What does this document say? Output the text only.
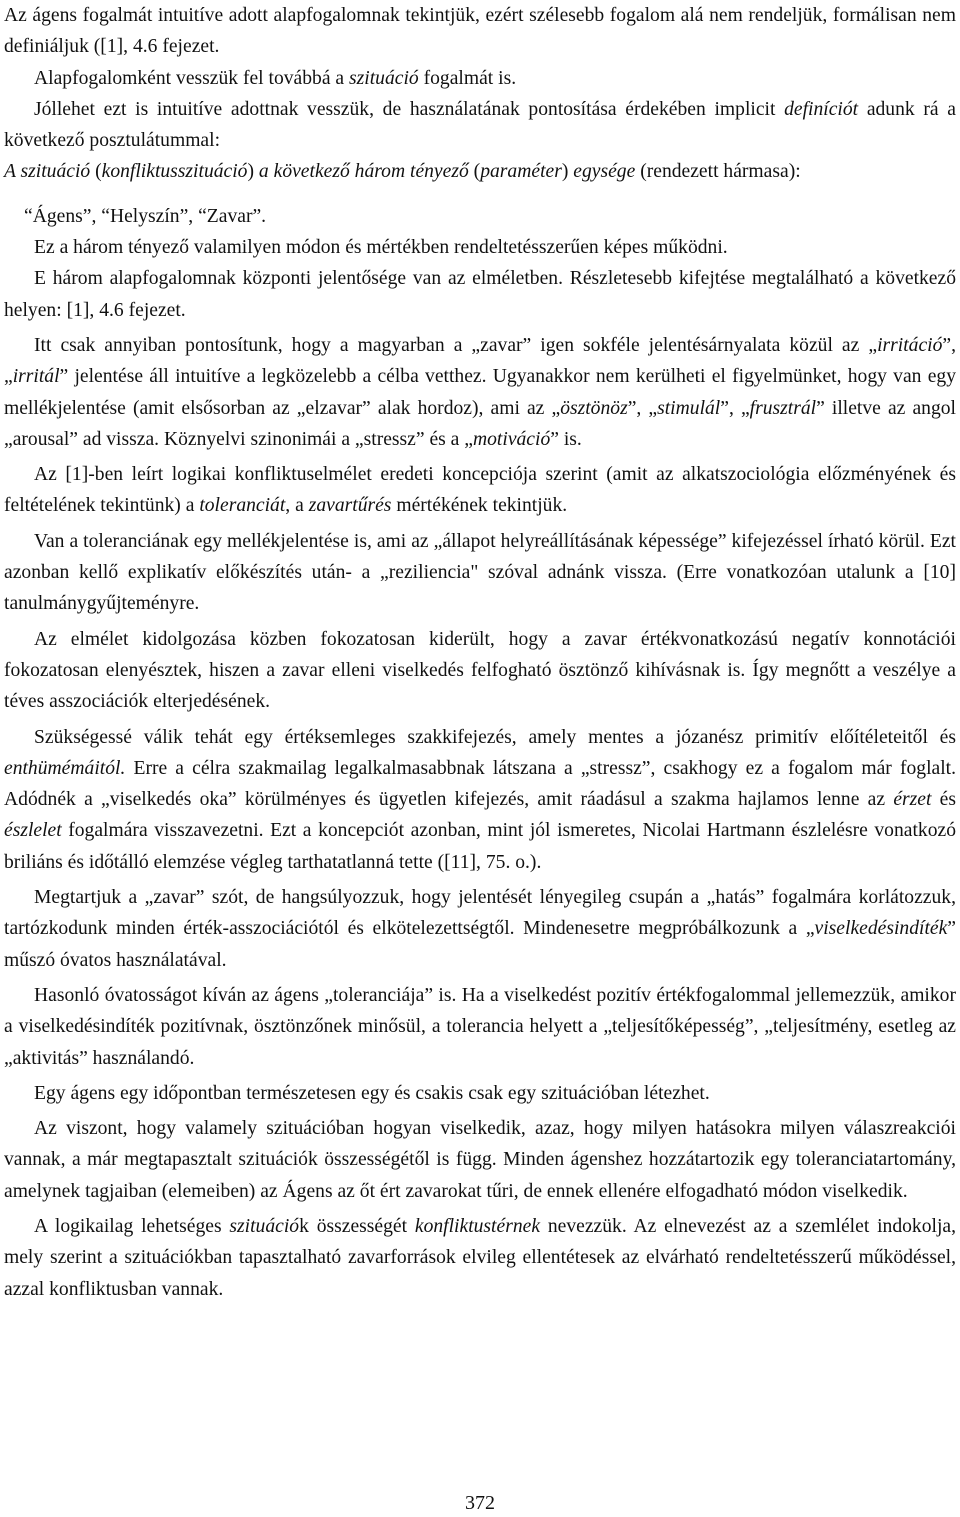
Az ágens fogalmát intuitíve adott alapfogalomnak tekintjük, ezért szélesebb fogalom alá nem rendeljük, formálisan nem definiáljuk ([1], 4.6 fejezet.

Alapfogalomként vesszük fel továbbá a szituáció fogalmát is.

Jóllehet ezt is intuitíve adottnak vesszük, de használatának pontosítása érdekében implicit definíciót adunk rá a következő posztulátummal:

A szituáció (konfliktusszituáció) a következő három tényező (paraméter) egysége (rendezett hármasa):

“Ágens”, “Helyszín”, “Zavar”.

Ez a három tényező valamilyen módon és mértékben rendeltetésszerűen képes működni.

E három alapfogalomnak központi jelentősége van az elméletben. Részletesebb kifejtése megtalálható a következő helyen: [1], 4.6 fejezet.

Itt csak annyiban pontosítunk, hogy a magyarban a „zavar” igen sokféle jelentésárnyalata közül az „irritáció”, „irritál” jelentése áll intuitíve a legközelebb a célba vetthez. Ugyanakkor nem kerülheti el figyelmünket, hogy van egy mellékjelentése (amit elsősorban az „elzavar” alak hordoz), ami az „ösztönöz”, „stimulál”, „frusztrál” illetve az angol „arousal” ad vissza. Köznyelvi szinonimái a „stressz” és a „motiváció” is.

Az [1]-ben leírt logikai konfliktuselmélet eredeti koncepciója szerint (amit az alkatszociológia előzményének és feltételének tekintünk) a toleranciát, a zavartűrés mértékének tekintjük.

Van a toleranciának egy mellékjelentése is, ami az „állapot helyreállításának képessége” kifejezéssel írható körül. Ezt azonban kellő explikatív előkészítés után- a „reziliencia" szóval adnánk vissza. (Erre vonatkozóan utalunk a [10] tanulmánygyűjteményre.

Az elmélet kidolgozása közben fokozatosan kiderült, hogy a zavar értékvonatkozású negatív konnotációi fokozatosan elenyésztek, hiszen a zavar elleni viselkedés felfogható ösztönző kihívásnak is. Így megnőtt a veszélye a téves asszociációk elterjedésének.

Szükségessé válik tehát egy értéksemleges szakkifejezés, amely mentes a józanész primitív előítéleteitől és enthümémáitól. Erre a célra szakmailag legalkalmasabbnak látszana a „stressz”, csakhogy ez a fogalom már foglalt. Adódnék a „viselkedés oka” körülményes és ügyetlen kifejezés, amit ráadásul a szakma hajlamos lenne az érzet és észlelet fogalmára visszavezetni. Ezt a koncepciót azonban, mint jól ismeretes, Nicolai Hartmann észlelésre vonatkozó briliáns és időtálló elemzése végleg tarthatatlanná tette ([11], 75. o.).

Megtartjuk a „zavar” szót, de hangsúlyozzuk, hogy jelentését lényegileg csupán a „hatás” fogalmára korlátozzuk, tartózkodunk minden érték-asszociációtól és elkötelezettségtől. Mindenesetre megpróbálkozunk a „viselkedésindíték” műszó óvatos használatával.

Hasonló óvatosságot kíván az ágens „toleranciája” is. Ha a viselkedést pozitív értékfogalommal jellemezzük, amikor a viselkedésindíték pozitívnak, ösztönzőnek minősül, a tolerancia helyett a „teljesítőképesség”, „teljesítmény, esetleg az „aktivitás” használandó.

Egy ágens egy időpontban természetesen egy és csakis csak egy szituációban létezhet.

Az viszont, hogy valamely szituációban hogyan viselkedik, azaz, hogy milyen hatásokra milyen válaszreakciói vannak, a már megtapasztalt szituációk összességétől is függ. Minden ágenshez hozzátartozik egy toleranciatartomány, amelynek tagjaiban (elemeiben) az Ágens az őt ért zavarokat tűri, de ennek ellenére elfogadható módon viselkedik.

A logikailag lehetséges szituációk összességét konfliktustérnek nevezzük. Az elnevezést az a szemlélet indokolja, mely szerint a szituációkban tapasztalható zavarforrások elvileg ellentétesek az elvárható rendeltetésszerű működéssel, azzal konfliktusban vannak.

372
